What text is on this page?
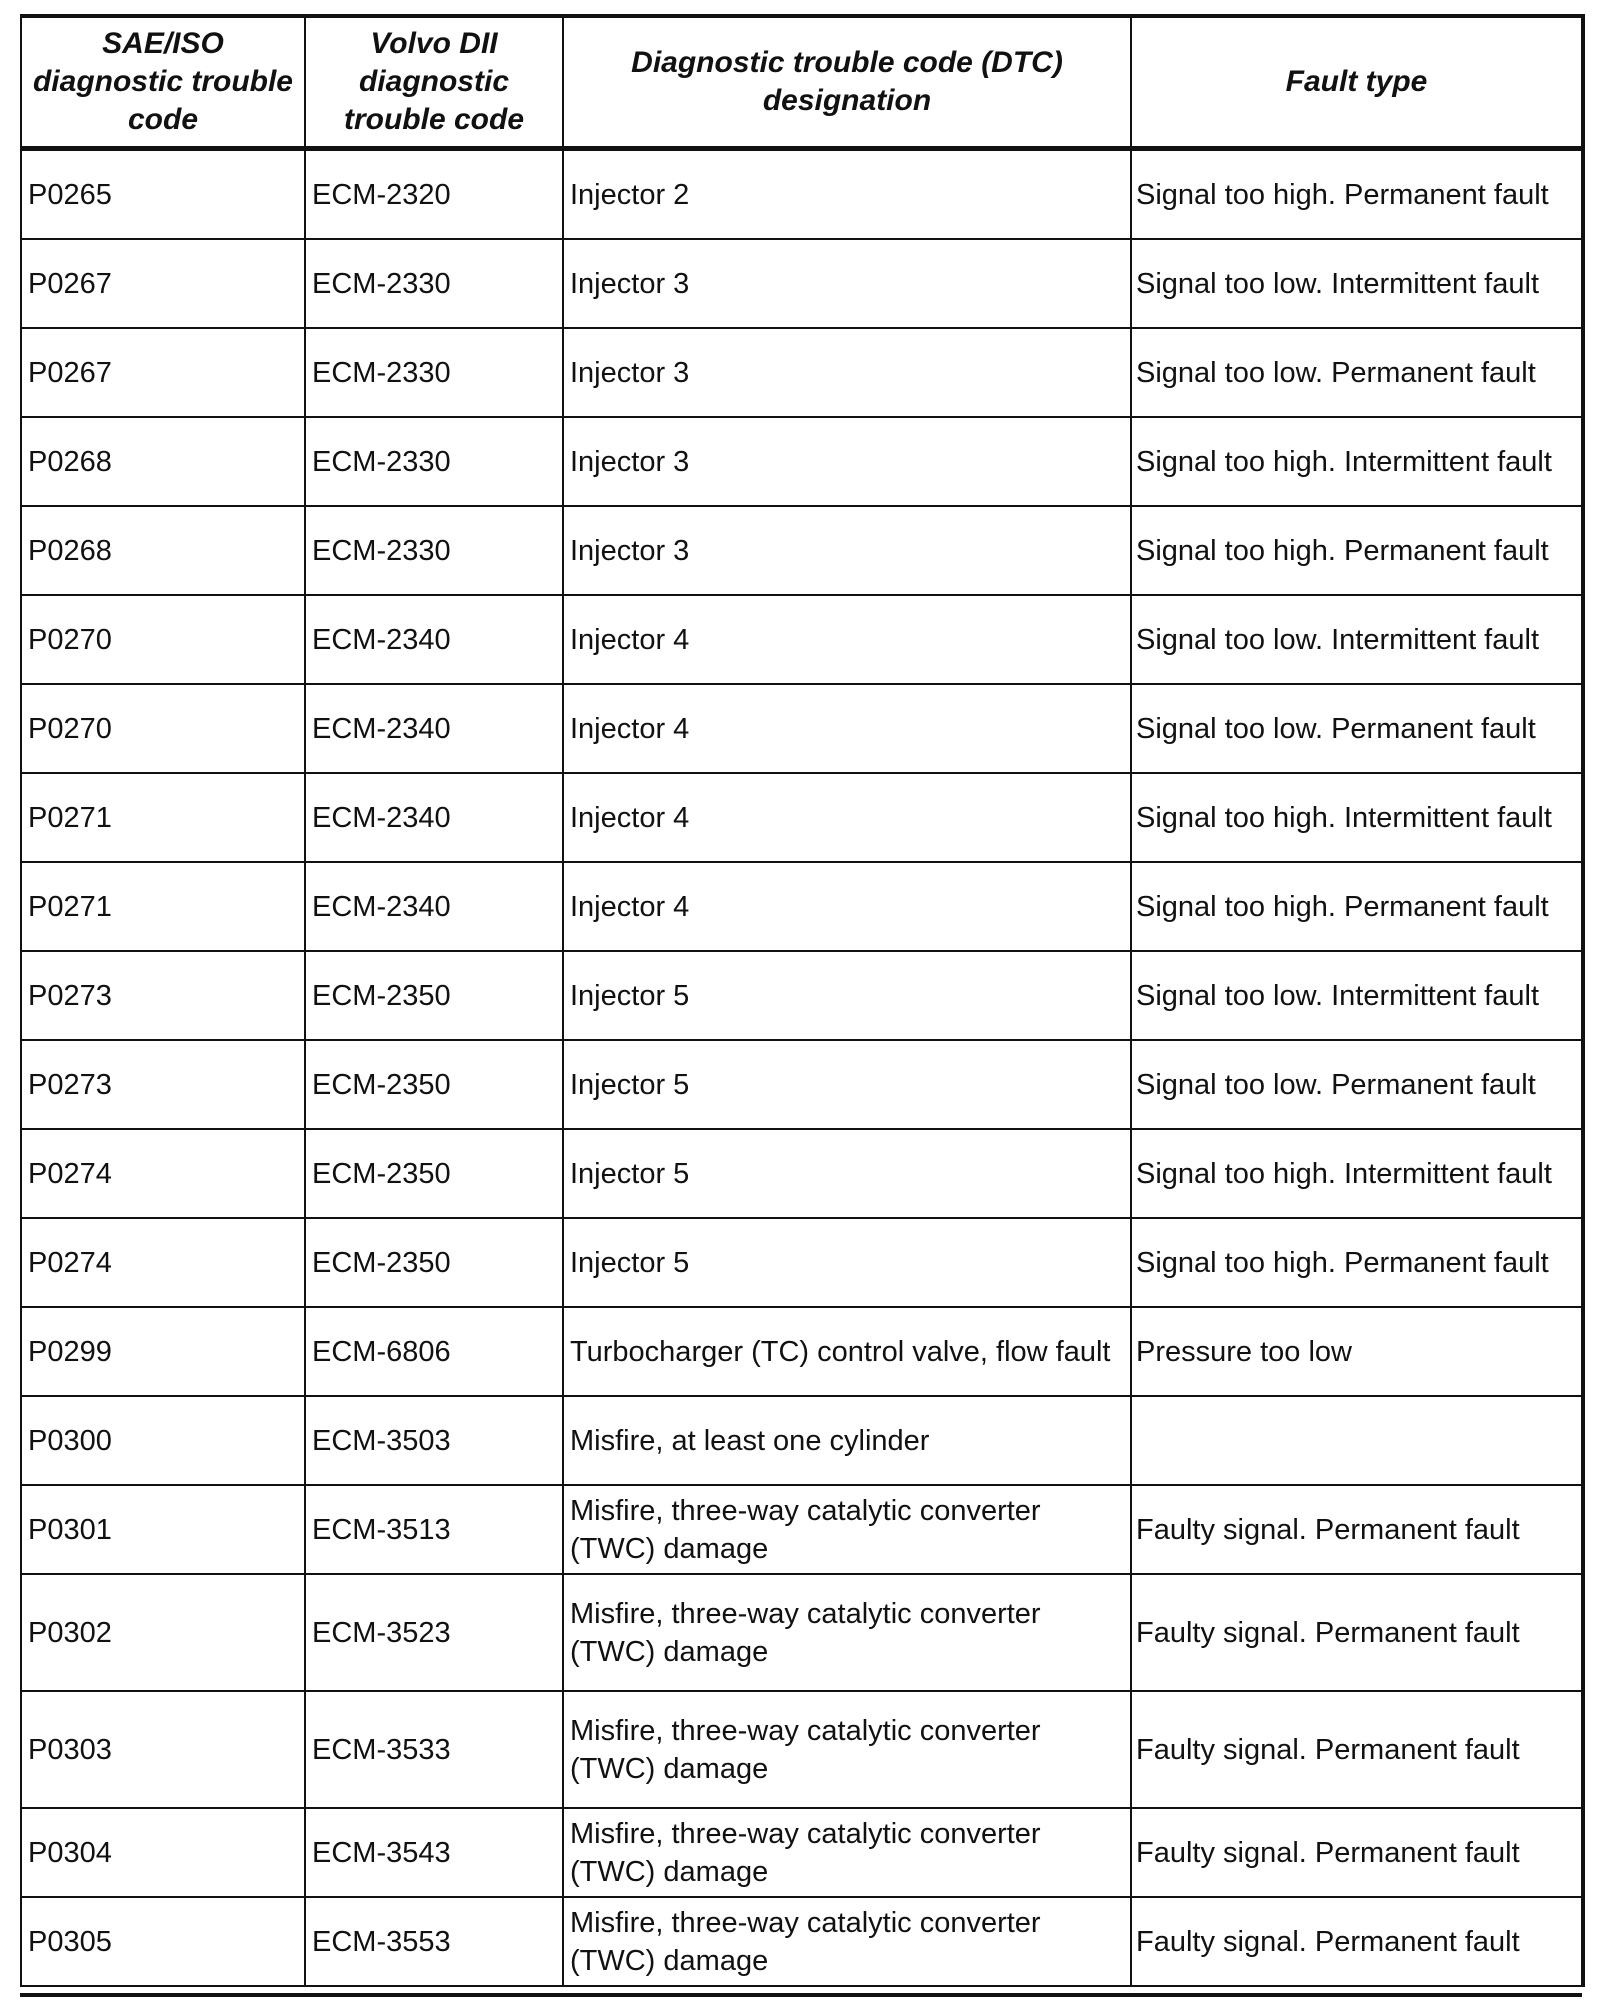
SAE/ISO diagnostic trouble code	Volvo DII diagnostic trouble code	Diagnostic trouble code (DTC) designation	Fault type
P0265	ECM-2320	Injector 2	Signal too high. Permanent fault
P0267	ECM-2330	Injector 3	Signal too low. Intermittent fault
P0267	ECM-2330	Injector 3	Signal too low. Permanent fault
P0268	ECM-2330	Injector 3	Signal too high. Intermittent fault
P0268	ECM-2330	Injector 3	Signal too high. Permanent fault
P0270	ECM-2340	Injector 4	Signal too low. Intermittent fault
P0270	ECM-2340	Injector 4	Signal too low. Permanent fault
P0271	ECM-2340	Injector 4	Signal too high. Intermittent fault
P0271	ECM-2340	Injector 4	Signal too high. Permanent fault
P0273	ECM-2350	Injector 5	Signal too low. Intermittent fault
P0273	ECM-2350	Injector 5	Signal too low. Permanent fault
P0274	ECM-2350	Injector 5	Signal too high. Intermittent fault
P0274	ECM-2350	Injector 5	Signal too high. Permanent fault
P0299	ECM-6806	Turbocharger (TC) control valve, flow fault	Pressure too low
P0300	ECM-3503	Misfire, at least one cylinder	
P0301	ECM-3513	Misfire, three-way catalytic converter (TWC) damage	Faulty signal. Permanent fault
P0302	ECM-3523	Misfire, three-way catalytic converter (TWC) damage	Faulty signal. Permanent fault
P0303	ECM-3533	Misfire, three-way catalytic converter (TWC) damage	Faulty signal. Permanent fault
P0304	ECM-3543	Misfire, three-way catalytic converter (TWC) damage	Faulty signal. Permanent fault
P0305	ECM-3553	Misfire, three-way catalytic converter (TWC) damage	Faulty signal. Permanent fault
